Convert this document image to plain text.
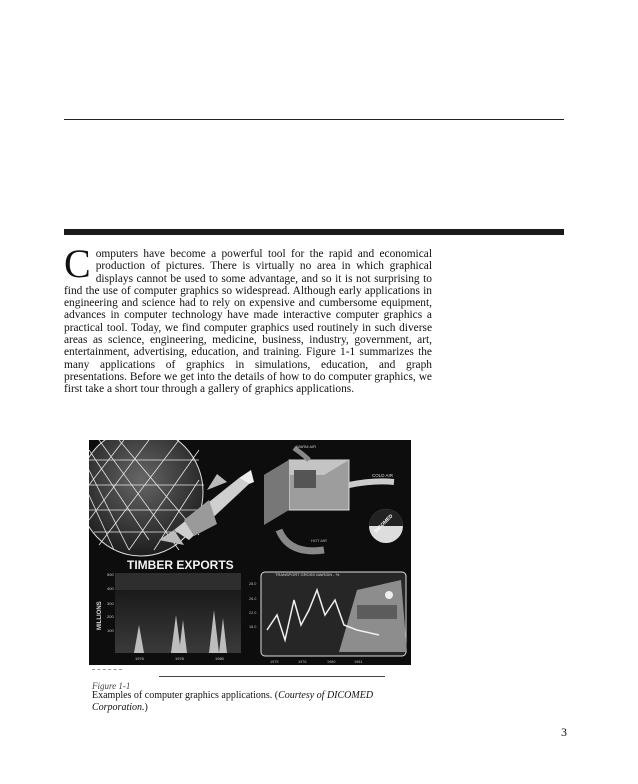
Computers have become a powerful tool for the rapid and economical production of pictures. There is virtually no area in which graphical displays cannot be used to some advantage, and so it is not surprising to find the use of computer graphics so widespread. Although early applications in engineering and science had to rely on expensive and cumbersome equipment, advances in computer technology have made interactive computer graphics a practical tool. Today, we find computer graphics used routinely in such diverse areas as science, engineering, medicine, business, industry, government, art, entertainment, advertising, education, and training. Figure 1-1 summarizes the many applications of graphics in simulations, education, and graph presentations. Before we get into the details of how to do computer graphics, we first take a short tour through a gallery of graphics applications.
WARM AIR
COLD AIR
HOT AIR
DICOMED
TIMBER EXPORTS
MILLIONS
500
400
300
200
100
1976	1978	1980
TRANSPORT GROSS MARGIN - %
28.0
26.0
22.0
18.0
1975	1976	1980	1981
Figure 1-1
Examples of computer graphics applications. (Courtesy of DICOMED Corporation.)
3
